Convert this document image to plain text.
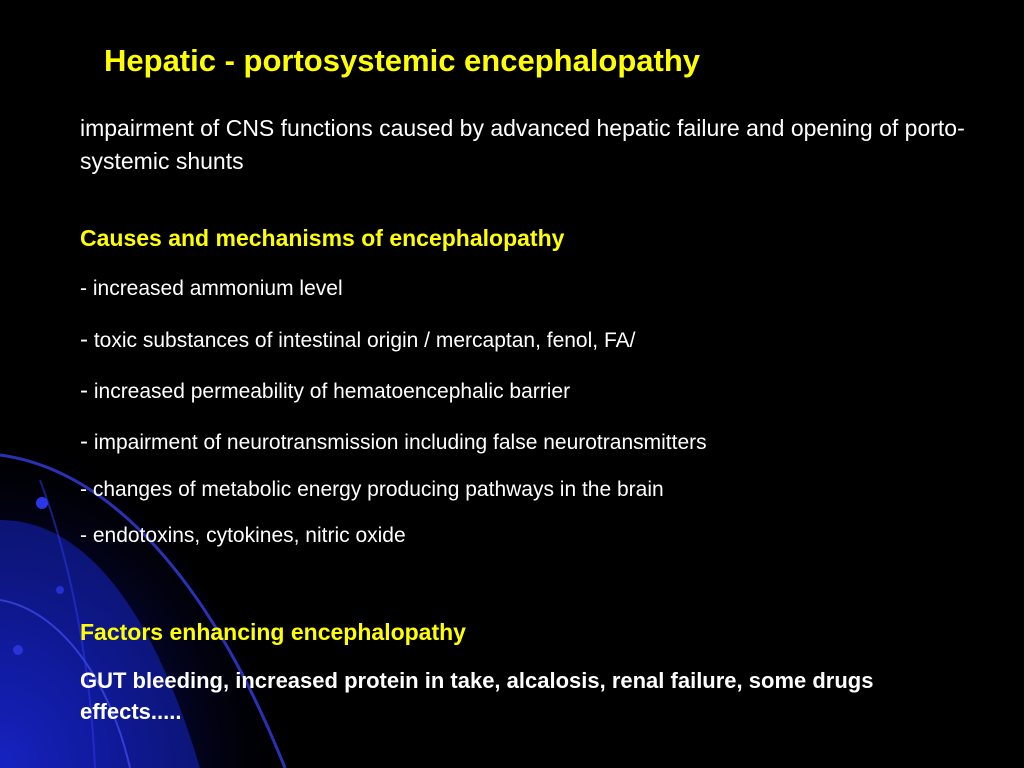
Hepatic - portosystemic encephalopathy

impairment of CNS functions caused by advanced hepatic failure and opening of porto-systemic shunts

Causes and mechanisms of encephalopathy
- increased ammonium level
- toxic substances of intestinal origin / mercaptan, fenol, FA/
- increased permeability of hematoencephalic barrier
- impairment of neurotransmission including false neurotransmitters
- changes of metabolic energy producing pathways in the brain
- endotoxins, cytokines, nitric oxide
Factors enhancing encephalopathy

GUT bleeding, increased protein in take, alcalosis, renal failure, some drugs effects.....
